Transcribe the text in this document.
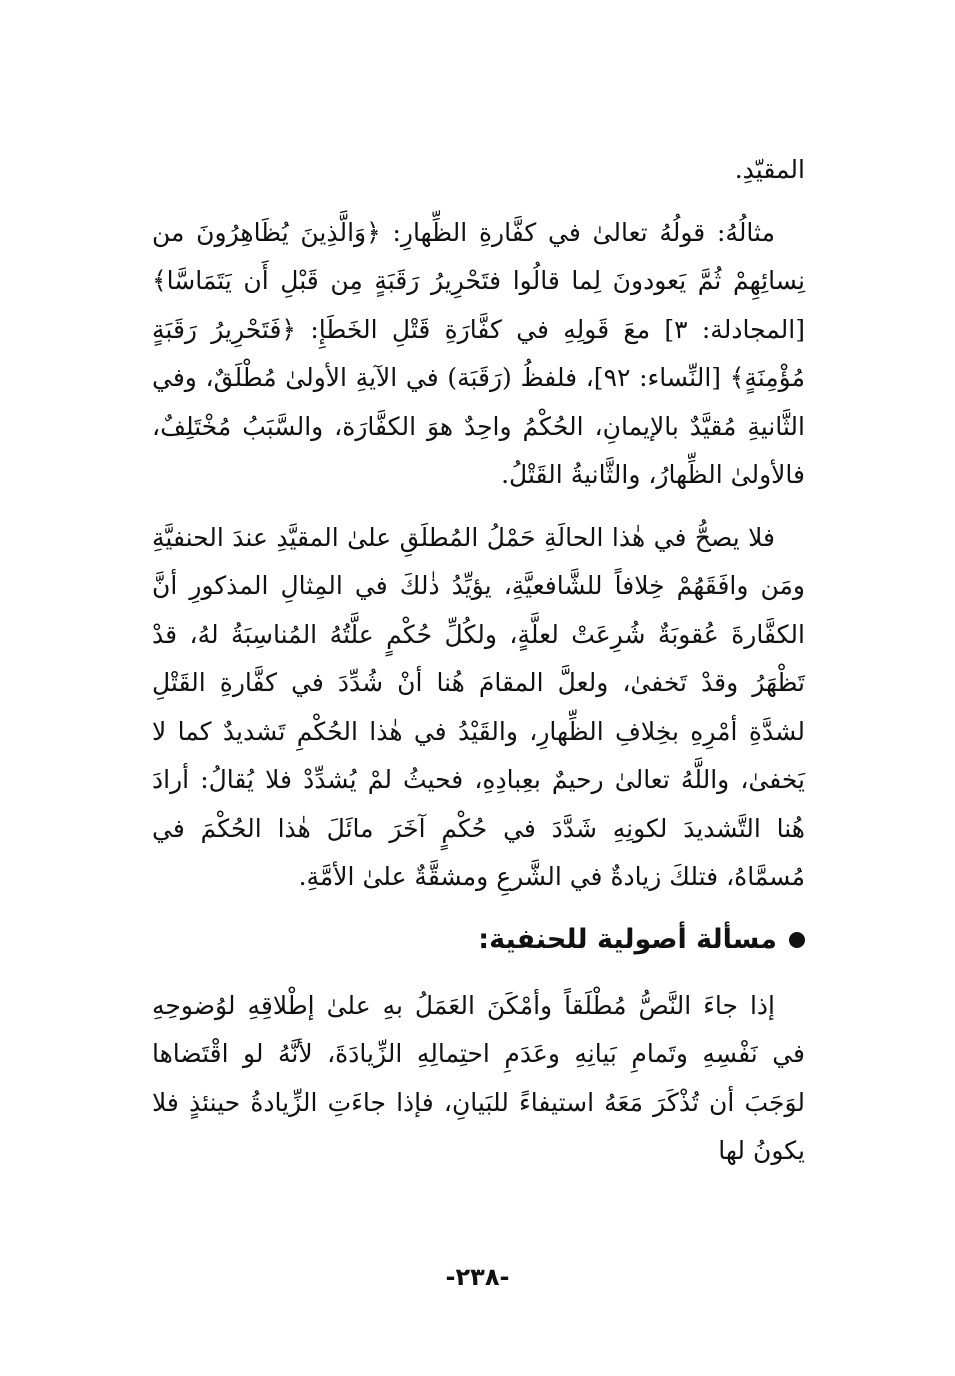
المقيّدِ.

مثالُهُ: قولُهُ تعالىٰ في كفَّارةِ الظِّهارِ: ﴿وَالَّذِينَ يُظَاهِرُونَ من نِسائِهِمْ ثُمَّ يَعودونَ لِما قالُوا فتَحْرِيرُ رَقَبَةٍ مِن قَبْلِ أَن يَتَمَاسَّا﴾ [المجادلة: ٣] معَ قَولِهِ في كفَّارَةِ قَتْلِ الخَطَإِ: ﴿فَتَحْرِيرُ رَقَبَةٍ مُؤْمِنَةٍ﴾ [النِّساء: ٩٢]، فلفظُ (رَقَبَة) في الآيةِ الأولىٰ مُطْلَقٌ، وفي الثَّانيةِ مُقيَّدٌ بالإيمانِ، الحُكْمُ واحِدٌ هوَ الكفَّارَة، والسَّبَبُ مُخْتَلِفٌ، فالأولىٰ الظِّهارُ، والثَّانيةُ القَتْلُ.

فلا يصحُّ في هٰذا الحالَةِ حَمْلُ المُطلَقِ علىٰ المقيَّدِ عندَ الحنفيَّةِ ومَن وافَقَهُمْ خِلافاً للشَّافعيَّةِ، يؤيِّدُ ذٰلكَ في المِثالِ المذكورِ أنَّ الكفَّارةَ عُقوبَةٌ شُرِعَتْ لعلَّةٍ، ولكُلِّ حُكْمٍ علَّتُهُ المُناسِبَةُ لهُ، قدْ تَظْهَرُ وقدْ تَخفىٰ، ولعلَّ المقامَ هُنا أنْ شُدِّدَ في كفَّارةِ القَتْلِ لشدَّةِ أمْرِهِ بخِلافِ الظِّهارِ، والقَيْدُ في هٰذا الحُكْمِ تَشديدٌ كما لا يَخفىٰ، واللَّهُ تعالىٰ رحيمٌ بعِبادِهِ، فحيثُ لمْ يُشدِّدْ فلا يُقالُ: أرادَ هُنا التَّشديدَ لكونِهِ شَدَّدَ في حُكْمٍ آخَرَ مائَلَ هٰذا الحُكْمَ في مُسمَّاهُ، فتلكَ زيادةٌ في الشَّرعِ ومشقَّةٌ علىٰ الأمَّةِ.

مسألة أصولية للحنفية:

إذا جاءَ النَّصُّ مُطْلَقاً وأمْكَنَ العَمَلُ بهِ علىٰ إطْلاقِهِ لوُضوحِهِ في نَفْسِهِ وتَمامِ بَيانِهِ وعَدَمِ احتِمالِهِ الزِّيادَةَ، لأنَّهُ لو اقْتَضاها لوَجَبَ أن تُذْكَرَ مَعَهُ استيفاءً للبَيانِ، فإذا جاءَتِ الزِّيادةُ حينئذٍ فلا يكونُ لها

-٢٣٨-
